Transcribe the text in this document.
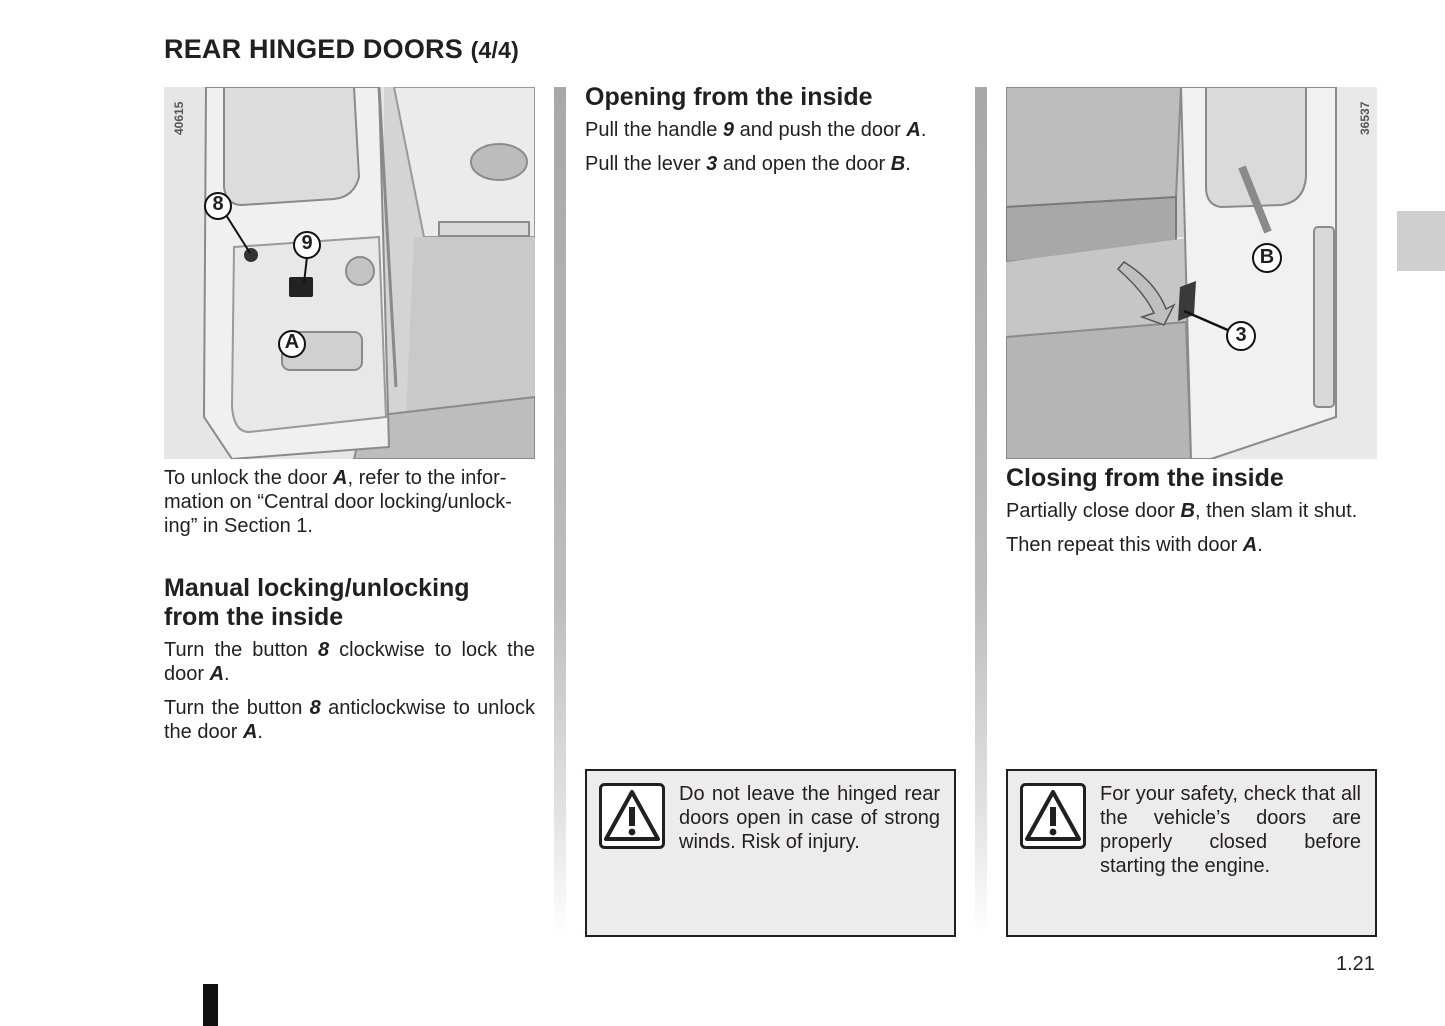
REAR HINGED DOORS (4/4)
8
9
A
40615
To unlock the door A, refer to the infor-
mation on “Central door locking/unlock-
ing” in Section 1.
Manual locking/unlocking
from the inside

Turn the button 8 clockwise to lock the door A.

Turn the button 8 anticlockwise to unlock the door A.

Opening from the inside

Pull the handle 9 and push the door A.

Pull the lever 3 and open the door B.

Do not leave the hinged rear doors open in case of strong winds. Risk of injury.
B
3
36537
Closing from the inside

Partially close door B, then slam it shut.

Then repeat this with door A.

For your safety, check that all the vehicle’s doors are properly closed before starting the engine.
1.21
